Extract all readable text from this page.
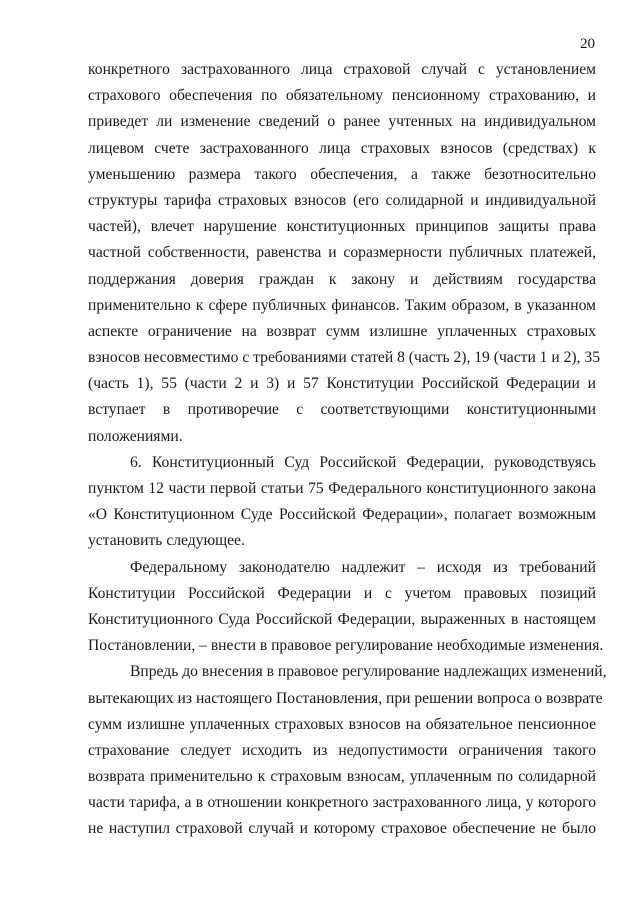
20
конкретного застрахованного лица страховой случай с установлением
страхового обеспечения по обязательному пенсионному страхованию, и
приведет ли изменение сведений о ранее учтенных на индивидуальном
лицевом счете застрахованного лица страховых взносов (средствах) к
уменьшению размера такого обеспечения, а также безотносительно
структуры тарифа страховых взносов (его солидарной и индивидуальной
частей), влечет нарушение конституционных принципов защиты права
частной собственности, равенства и соразмерности публичных платежей,
поддержания доверия граждан к закону и действиям государства
применительно к сфере публичных финансов. Таким образом, в указанном
аспекте ограничение на возврат сумм излишне уплаченных страховых
взносов несовместимо с требованиями статей 8 (часть 2), 19 (части 1 и 2), 35
(часть 1), 55 (части 2 и 3) и 57 Конституции Российской Федерации и
вступает в противоречие с соответствующими конституционными
положениями.
6. Конституционный Суд Российской Федерации, руководствуясь
пунктом 12 части первой статьи 75 Федерального конституционного закона
«О Конституционном Суде Российской Федерации», полагает возможным
установить следующее.
Федеральному законодателю надлежит – исходя из требований
Конституции Российской Федерации и с учетом правовых позиций
Конституционного Суда Российской Федерации, выраженных в настоящем
Постановлении, – внести в правовое регулирование необходимые изменения.
Впредь до внесения в правовое регулирование надлежащих изменений,
вытекающих из настоящего Постановления, при решении вопроса о возврате
сумм излишне уплаченных страховых взносов на обязательное пенсионное
страхование следует исходить из недопустимости ограничения такого
возврата применительно к страховым взносам, уплаченным по солидарной
части тарифа, а в отношении конкретного застрахованного лица, у которого
не наступил страховой случай и которому страховое обеспечение не было
